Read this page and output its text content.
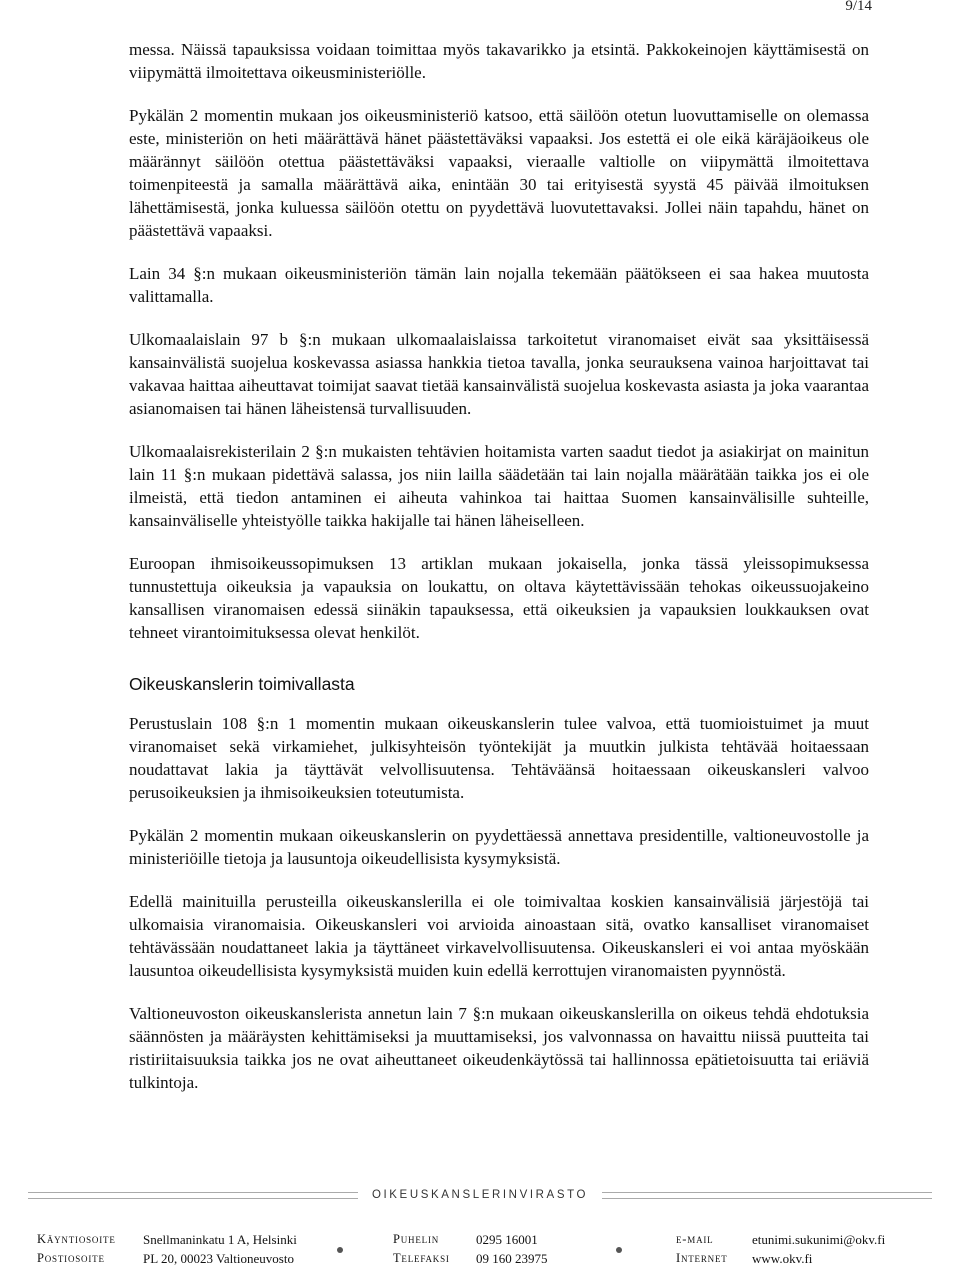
9/14

messa. Näissä tapauksissa voidaan toimittaa myös takavarikko ja etsintä. Pakkokeinojen käyttämisestä on viipymättä ilmoitettava oikeusministeriölle.

Pykälän 2 momentin mukaan jos oikeusministeriö katsoo, että säilöön otetun luovuttamiselle on olemassa este, ministeriön on heti määrättävä hänet päästettäväksi vapaaksi. Jos estettä ei ole eikä käräjäoikeus ole määrännyt säilöön otettua päästettäväksi vapaaksi, vieraalle valtiolle on viipymättä ilmoitettava toimenpiteestä ja samalla määrättävä aika, enintään 30 tai erityisestä syystä 45 päivää ilmoituksen lähettämisestä, jonka kuluessa säilöön otettu on pyydettävä luovutettavaksi. Jollei näin tapahdu, hänet on päästettävä vapaaksi.

Lain 34 §:n mukaan oikeusministeriön tämän lain nojalla tekemään päätökseen ei saa hakea muutosta valittamalla.

Ulkomaalaislain 97 b §:n mukaan ulkomaalaislaissa tarkoitetut viranomaiset eivät saa yksittäisessä kansainvälistä suojelua koskevassa asiassa hankkia tietoa tavalla, jonka seurauksena vainoa harjoittavat tai vakavaa haittaa aiheuttavat toimijat saavat tietää kansainvälistä suojelua koskevasta asiasta ja joka vaarantaa asianomaisen tai hänen läheistensä turvallisuuden.

Ulkomaalaisrekisterilain 2 §:n mukaisten tehtävien hoitamista varten saadut tiedot ja asiakirjat on mainitun lain 11 §:n mukaan pidettävä salassa, jos niin lailla säädetään tai lain nojalla määrätään taikka jos ei ole ilmeistä, että tiedon antaminen ei aiheuta vahinkoa tai haittaa Suomen kansainvälisille suhteille, kansainväliselle yhteistyölle taikka hakijalle tai hänen läheiselleen.

Euroopan ihmisoikeussopimuksen 13 artiklan mukaan jokaisella, jonka tässä yleissopimuksessa tunnustettuja oikeuksia ja vapauksia on loukattu, on oltava käytettävissään tehokas oikeussuojakeino kansallisen viranomaisen edessä siinäkin tapauksessa, että oikeuksien ja vapauksien loukkauksen ovat tehneet virantoimituksessa olevat henkilöt.

Oikeuskanslerin toimivallasta

Perustuslain 108 §:n 1 momentin mukaan oikeuskanslerin tulee valvoa, että tuomioistuimet ja muut viranomaiset sekä virkamiehet, julkisyhteisön työntekijät ja muutkin julkista tehtävää hoitaessaan noudattavat lakia ja täyttävät velvollisuutensa. Tehtäväänsä hoitaessaan oikeuskansleri valvoo perusoikeuksien ja ihmisoikeuksien toteutumista.

Pykälän 2 momentin mukaan oikeuskanslerin on pyydettäessä annettava presidentille, valtioneuvostolle ja ministeriöille tietoja ja lausuntoja oikeudellisista kysymyksistä.

Edellä mainituilla perusteilla oikeuskanslerilla ei ole toimivaltaa koskien kansainvälisiä järjestöjä tai ulkomaisia viranomaisia. Oikeuskansleri voi arvioida ainoastaan sitä, ovatko kansalliset viranomaiset tehtävässään noudattaneet lakia ja täyttäneet virkavelvollisuutensa. Oikeuskansleri ei voi antaa myöskään lausuntoa oikeudellisista kysymyksistä muiden kuin edellä kerrottujen viranomaisten pyynnöstä.

Valtioneuvoston oikeuskanslerista annetun lain 7 §:n mukaan oikeuskanslerilla on oikeus tehdä ehdotuksia säännösten ja määräysten kehittämiseksi ja muuttamiseksi, jos valvonnassa on havaittu niissä puutteita tai ristiriitaisuuksia taikka jos ne ovat aiheuttaneet oikeudenkäytössä tai hallinnossa epätietoisuutta tai eriäviä tulkintoja.

OIKEUSKANSLERINVIRASTO
Käyntiosoite Snellmaninkatu 1 A, Helsinki	Puhelin	0295 16001	e-mail	etunimi.sukunimi@okv.fi
Postiosoite	PL 20, 00023 Valtioneuvosto	Telefaksi 09 160 23975	Internet www.okv.fi
